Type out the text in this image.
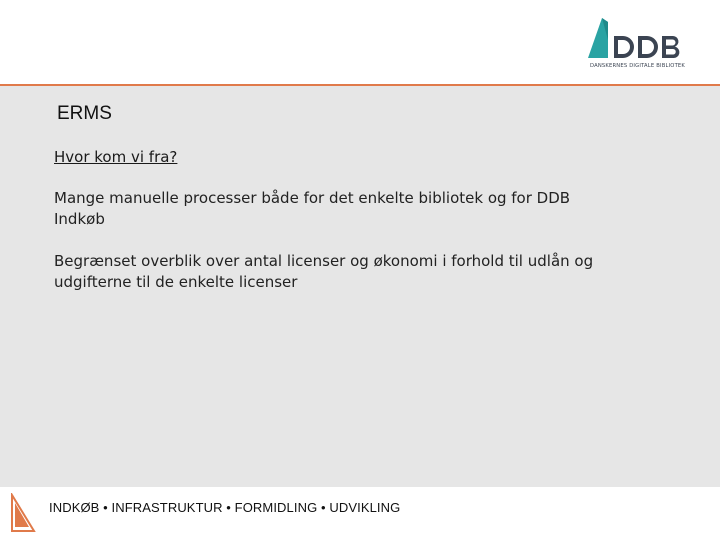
DANSKERNES DIGITALE BIBLIOTEK
ERMS
Hvor kom vi fra?
Mange manuelle processer både for det enkelte bibliotek og for DDB Indkøb
Begrænset overblik over antal licenser og økonomi i forhold til udlån og udgifterne til de enkelte licenser
INDKØB • INFRASTRUKTUR • FORMIDLING • UDVIKLING
